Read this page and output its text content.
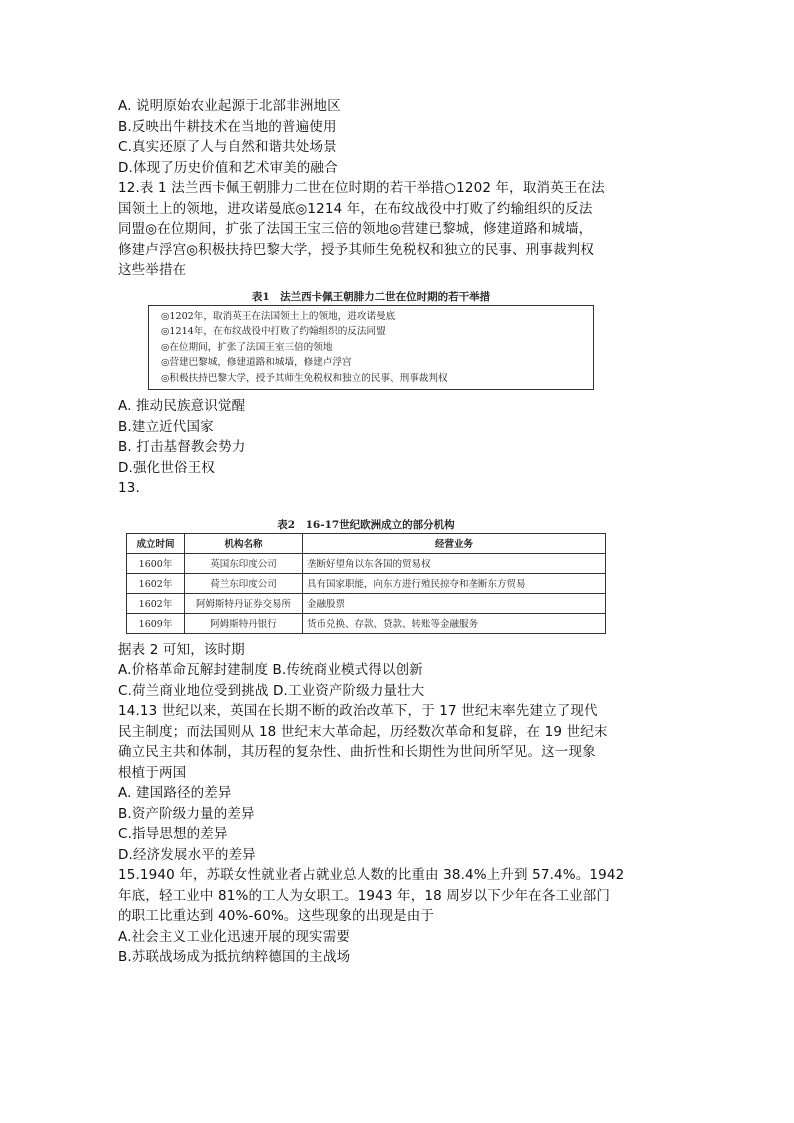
A. 说明原始农业起源于北部非洲地区
B.反映出牛耕技术在当地的普遍使用
C.真实还原了人与自然和谐共处场景
D.体现了历史价值和艺术审美的融合
12.表 1 法兰西卡佩王朝腓力二世在位时期的若干举措○1202 年，取消英王在法
国领土上的领地，进攻诺曼底◎1214 年，在布纹战役中打败了约输组织的反法
同盟◎在位期间，扩张了法国王宝三倍的领地◎营建已黎城，修建道路和城墙，
修建卢浮宫◎积极扶持巴黎大学，授予其师生免税权和独立的民事、刑事裁判权
这些举措在
表1　法兰西卡佩王朝腓力二世在位时期的若干举措
◎1202年，取消英王在法国领土上的领地，进攻诺曼底
◎1214年，在布纹战役中打败了约翰组织的反法同盟
◎在位期间，扩张了法国王室三倍的领地
◎营建巴黎城，修建道路和城墙，修建卢浮宫
◎积极扶持巴黎大学，授予其师生免税权和独立的民事、刑事裁判权
A. 推动民族意识觉醒
B.建立近代国家
B. 打击基督教会势力
D.强化世俗王权
13.
表2　16-17世纪欧洲成立的部分机构
成立时间	机构名称	经营业务
1600年	英国东印度公司	垄断好望角以东各国的贸易权
1602年	荷兰东印度公司	具有国家职能，向东方进行殖民掠夺和垄断东方贸易
1602年	阿姆斯特丹证券交易所	金融股票
1609年	阿姆斯特丹银行	货币兑换、存款、贷款、转账等金融服务
据表 2 可知，该时期
A.价格革命瓦解封建制度 B.传统商业模式得以创新
C.荷兰商业地位受到挑战 D.工业资产阶级力量壮大
14.13 世纪以来，英国在长期不断的政治改革下，于 17 世纪末率先建立了现代
民主制度；而法国则从 18 世纪末大革命起，历经数次革命和复辟，在 19 世纪末
确立民主共和体制，其历程的复杂性、曲折性和长期性为世间所罕见。这一现象
根植于两国
A. 建国路径的差异
B.资产阶级力量的差异
C.指导思想的差异
D.经济发展水平的差异
15.1940 年，苏联女性就业者占就业总人数的比重由 38.4%上升到 57.4%。1942
年底，轻工业中 81%的工人为女职工。1943 年，18 周岁以下少年在各工业部门
的职工比重达到 40%-60%。这些现象的出现是由于
A.社会主义工业化迅速开展的现实需要
B.苏联战场成为抵抗纳粹德国的主战场
